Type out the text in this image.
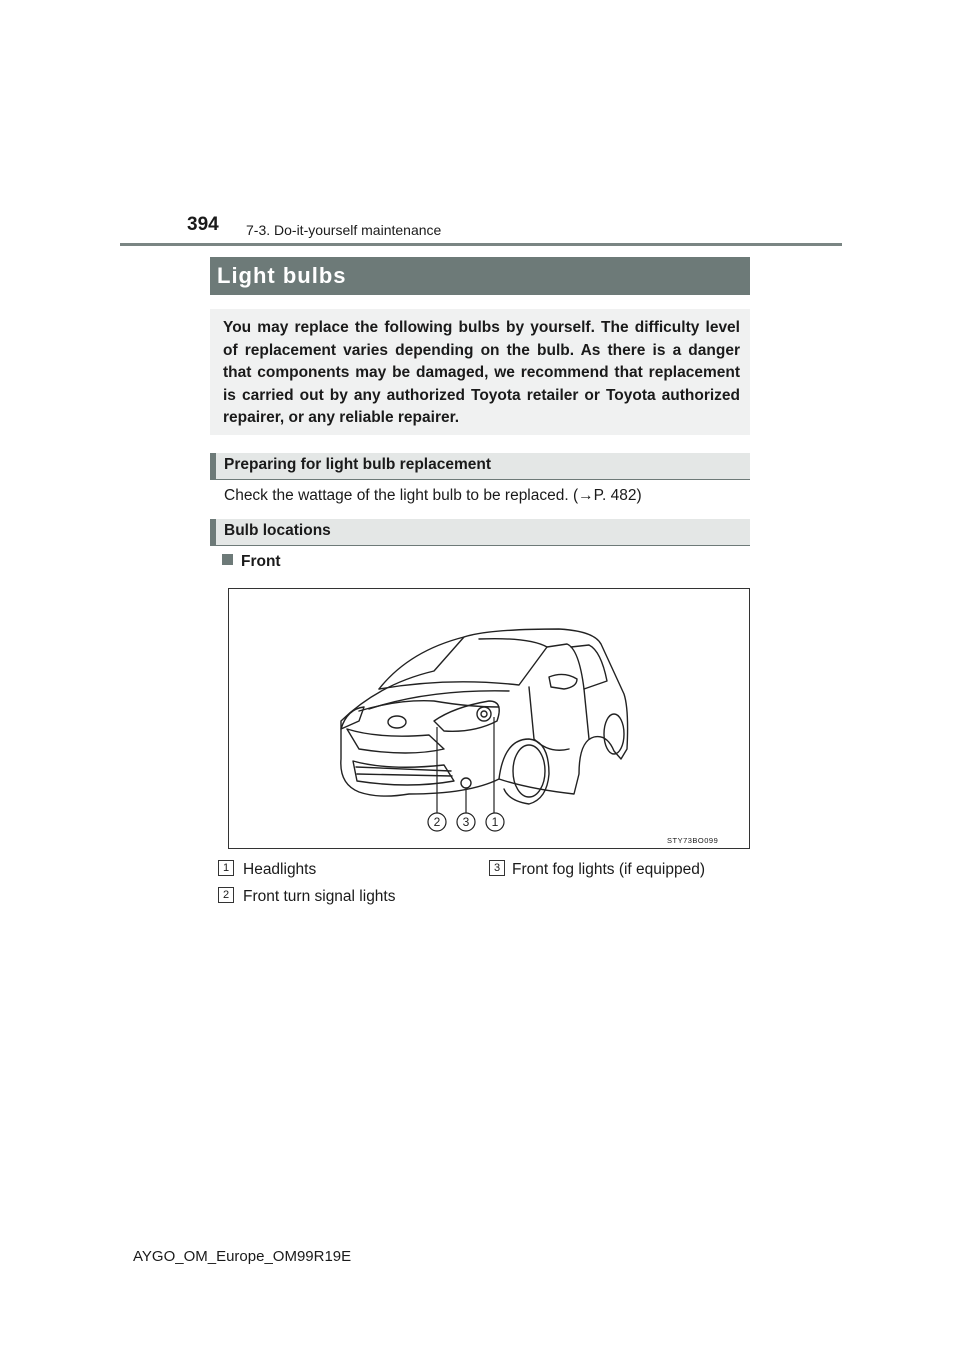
394 7-3. Do-it-yourself maintenance
Light bulbs
You may replace the following bulbs by yourself. The difficulty level of replacement varies depending on the bulb. As there is a danger that components may be damaged, we recommend that replacement is carried out by any authorized Toyota retailer or Toyota authorized repairer, or any reliable repairer.
Preparing for light bulb replacement
Check the wattage of the light bulb to be replaced. (→P. 482)
Bulb locations
Front
2 3 1
STY73BO099
1 Headlights
2 Front turn signal lights
3 Front fog lights (if equipped)
AYGO_OM_Europe_OM99R19E
